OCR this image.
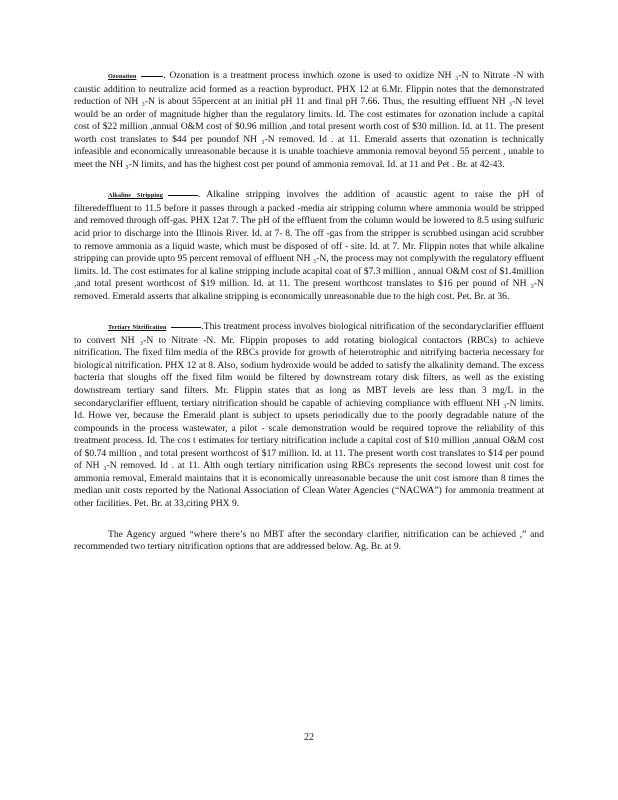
Ozonation	. Ozonation is a treatment process inwhich ozone is used to oxidize NH ₃-N to Nitrate -N with caustic addition to neutralize acid formed as a reaction byproduct. PHX 12 at 6.Mr. Flippin notes that the demonstrated reduction of NH ₃-N is about 55percent at an initial pH 11 and final pH 7.66. Thus, the resulting effluent NH ₃-N level would be an order of magnitude higher than the regulatory limits. Id. The cost estimates for ozonation include a capital cost of $22 million ,annual O&M cost of $0.96 million ,and total present worth cost of $30 million. Id. at 11. The present worth cost translates to $44 per poundof NH ₃-N removed. Id . at 11. Emerald asserts that ozonation is technically infeasible and economically unreasonable because it is unable toachieve ammonia removal beyond 55 percent , unable to meet the NH ₃-N limits, and has the highest cost per pound of ammonia removal. Id. at 11 and Pet . Br. at 42-43.

Alkaline Stripping	. Alkaline stripping involves the addition of acaustic agent to raise the pH of filteredeffluent to 11.5 before it passes through a packed -media air stripping column where ammonia would be stripped and removed through off-gas. PHX 12at 7. The pH of the effluent from the column would be lowered to 8.5 using sulfuric acid prior to discharge into the Illinois River. Id. at 7- 8. The off -gas from the stripper is scrubbed usingan acid scrubber to remove ammonia as a liquid waste, which must be disposed of off - site. Id. at 7. Mr. Flippin notes that while alkaline stripping can provide upto 95 percent removal of effluent NH ₃-N, the process may not complywith the regulatory effluent limits. Id. The cost estimates for al kaline stripping include acapital coat of $7.3 million , annual O&M cost of $1.4million ,and total present worthcost of $19 million. Id. at 11. The present worthcost translates to $16 per pound of NH ₃-N removed. Emerald asserts that alkaline stripping is economically unreasonable due to the high cost. Pet. Br. at 36.

Tertiary Nitrification	.This treatment process involves biological nitrification of the secondaryclarifier effluent to convert NH ₃-N to Nitrate -N. Mr. Flippin proposes to add rotating biological contactors (RBCs) to achieve nitrification. The fixed film media of the RBCs provide for growth of heterotrophic and nitrifying bacteria necessary for biological nitrification. PHX 12 at 8. Also, sodium hydroxide would be added to satisfy the alkalinity demand. The excess bacteria that sloughs off the fixed film would be filtered by downstream rotary disk filters, as well as the existing downstream tertiary sand filters. Mr. Flippin states that as long as MBT levels are less than 3 mg/L in the secondaryclarifier effluent, tertiary nitrification should be capable of achieving compliance with effluent NH ₃-N limits. Id. Howe ver, because the Emerald plant is subject to upsets periodically due to the poorly degradable nature of the compounds in the process wastewater, a pilot - scale demonstration would be required toprove the reliability of this treatment process. Id. The cos t estimates for tertiary nitrification include a capital cost of $10 million ,annual O&M cost of $0.74 million , and total present worthcost of $17 million. Id. at 11. The present worth cost translates to $14 per pound of NH ₃-N removed. Id . at 11. Alth ough tertiary nitrification using RBCs represents the second lowest unit cost for ammonia removal, Emerald maintains that it is economically unreasonable because the unit cost ismore than 8 times the median unit costs reported by the National Association of Clean Water Agencies (“NACWA”) for ammonia treatment at other facilities. Pet. Br. at 33,citing PHX 9.

The Agency argued “where there’s no MBT after the secondary clarifier, nitrification can be achieved ,” and recommended two tertiary nitrification options that are addressed below. Ag. Br. at 9.

22
